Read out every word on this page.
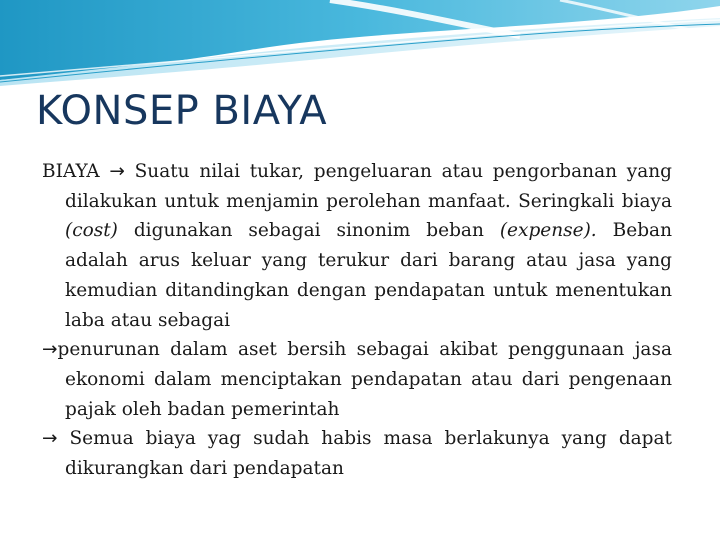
KONSEP BIAYA

BIAYA → Suatu nilai tukar, pengeluaran atau pengorbanan yang dilakukan untuk menjamin perolehan manfaat. Seringkali biaya (cost) digunakan sebagai sinonim beban (expense). Beban adalah arus keluar yang terukur dari barang atau jasa yang kemudian ditandingkan dengan pendapatan untuk menentukan laba atau sebagai

→penurunan dalam aset bersih sebagai akibat penggunaan jasa ekonomi dalam menciptakan pendapatan atau dari pengenaan pajak oleh badan pemerintah

→ Semua biaya yag sudah habis masa berlakunya yang dapat dikurangkan dari pendapatan
